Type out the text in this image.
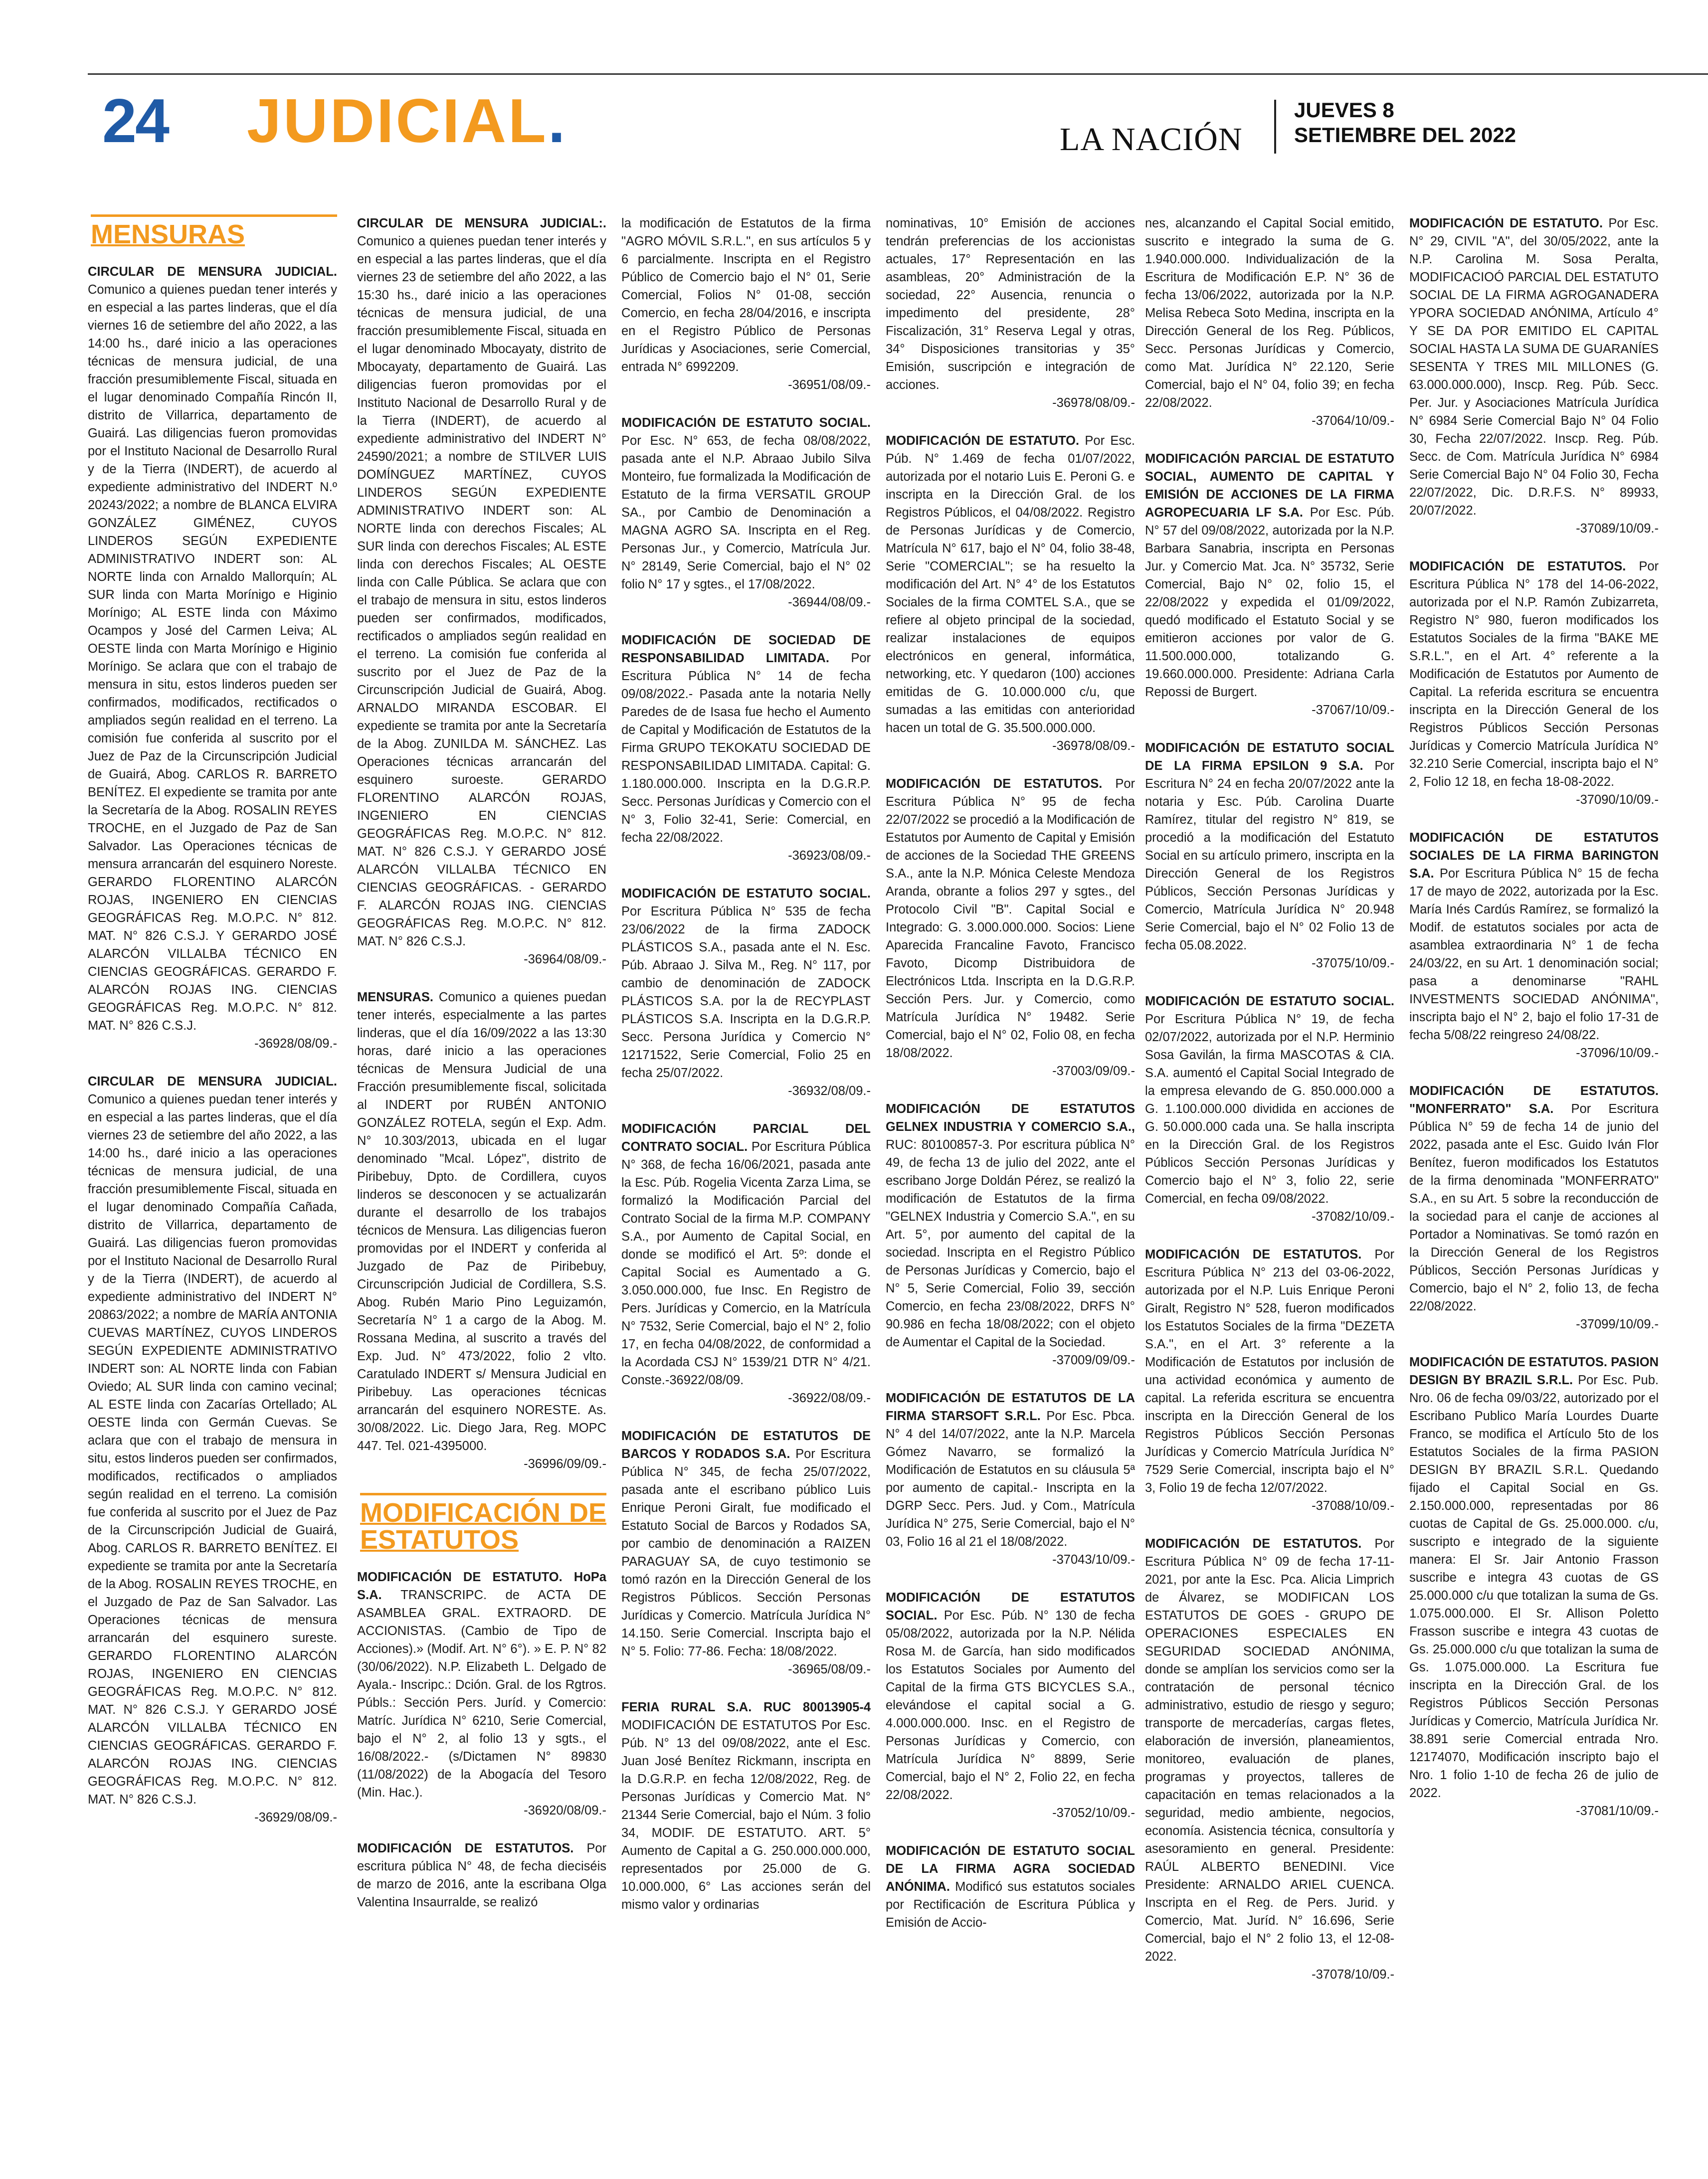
24 JUDICIAL.	LA NACIÓN
JUEVES 8
SETIEMBRE DEL 2022
MENSURAS

CIRCULAR DE MENSURA JUDICIAL. Comunico a quienes puedan tener interés y en especial a las partes linderas, que el día viernes 16 de setiembre del año 2022, a las 14:00 hs., daré inicio a las operaciones técnicas de mensura judicial, de una fracción presumiblemente Fiscal, situada en el lugar denominado Compañía Rincón II, distrito de Villarrica, departamento de Guairá. Las diligencias fueron promovidas por el Instituto Nacional de Desarrollo Rural y de la Tierra (INDERT), de acuerdo al expediente administrativo del INDERT N.º 20243/2022; a nombre de BLANCA ELVIRA GONZÁLEZ GIMÉNEZ, CUYOS LINDEROS SEGÚN EXPEDIENTE ADMINISTRATIVO INDERT son: AL NORTE linda con Arnaldo Mallorquín; AL SUR linda con Marta Morínigo e Higinio Morínigo; AL ESTE linda con Máximo Ocampos y José del Carmen Leiva; AL OESTE linda con Marta Morínigo e Higinio Morínigo. Se aclara que con el trabajo de mensura in situ, estos linderos pueden ser confirmados, modificados, rectificados o ampliados según realidad en el terreno. La comisión fue conferida al suscrito por el Juez de Paz de la Circunscripción Judicial de Guairá, Abog. CARLOS R. BARRETO BENÍTEZ. El expediente se tramita por ante la Secretaría de la Abog. ROSALIN REYES TROCHE, en el Juzgado de Paz de San Salvador. Las Operaciones técnicas de mensura arrancarán del esquinero Noreste. GERARDO FLORENTINO ALARCÓN ROJAS, INGENIERO EN CIENCIAS GEOGRÁFICAS Reg. M.O.P.C. N° 812. MAT. N° 826 C.S.J. Y GERARDO JOSÉ ALARCÓN VILLALBA TÉCNICO EN CIENCIAS GEOGRÁFICAS. GERARDO F. ALARCÓN ROJAS ING. CIENCIAS GEOGRÁFICAS Reg. M.O.P.C. N° 812. MAT. N° 826 C.S.J.
-36928/08/09.-

CIRCULAR DE MENSURA JUDICIAL. Comunico a quienes puedan tener interés y en especial a las partes linderas, que el día viernes 23 de setiembre del año 2022, a las 14:00 hs., daré inicio a las operaciones técnicas de mensura judicial, de una fracción presumiblemente Fiscal, situada en el lugar denominado Compañía Cañada, distrito de Villarrica, departamento de Guairá. Las diligencias fueron promovidas por el Instituto Nacional de Desarrollo Rural y de la Tierra (INDERT), de acuerdo al expediente administrativo del INDERT N° 20863/2022; a nombre de MARÍA ANTONIA CUEVAS MARTÍNEZ, CUYOS LINDEROS SEGÚN EXPEDIENTE ADMINISTRATIVO INDERT son: AL NORTE linda con Fabian Oviedo; AL SUR linda con camino vecinal; AL ESTE linda con Zacarías Ortellado; AL OESTE linda con Germán Cuevas. Se aclara que con el trabajo de mensura in situ, estos linderos pueden ser confirmados, modificados, rectificados o ampliados según realidad en el terreno. La comisión fue conferida al suscrito por el Juez de Paz de la Circunscripción Judicial de Guairá, Abog. CARLOS R. BARRETO BENÍTEZ. El expediente se tramita por ante la Secretaría de la Abog. ROSALIN REYES TROCHE, en el Juzgado de Paz de San Salvador. Las Operaciones técnicas de mensura arrancarán del esquinero sureste. GERARDO FLORENTINO ALARCÓN ROJAS, INGENIERO EN CIENCIAS GEOGRÁFICAS Reg. M.O.P.C. N° 812. MAT. N° 826 C.S.J. Y GERARDO JOSÉ ALARCÓN VILLALBA TÉCNICO EN CIENCIAS GEOGRÁFICAS. GERARDO F. ALARCÓN ROJAS ING. CIENCIAS GEOGRÁFICAS Reg. M.O.P.C. N° 812. MAT. N° 826 C.S.J.
-36929/08/09.-

CIRCULAR DE MENSURA JUDICIAL:. Comunico a quienes puedan tener interés y en especial a las partes linderas, que el día viernes 23 de setiembre del año 2022, a las 15:30 hs., daré inicio a las operaciones técnicas de mensura judicial, de una fracción presumiblemente Fiscal, situada en el lugar denominado Mbocayaty, distrito de Mbocayaty, departamento de Guairá. Las diligencias fueron promovidas por el Instituto Nacional de Desarrollo Rural y de la Tierra (INDERT), de acuerdo al expediente administrativo del INDERT N° 24590/2021; a nombre de STILVER LUIS DOMÍNGUEZ MARTÍNEZ, CUYOS LINDEROS SEGÚN EXPEDIENTE ADMINISTRATIVO INDERT son: AL NORTE linda con derechos Fiscales; AL SUR linda con derechos Fiscales; AL ESTE linda con derechos Fiscales; AL OESTE linda con Calle Pública. Se aclara que con el trabajo de mensura in situ, estos linderos pueden ser confirmados, modificados, rectificados o ampliados según realidad en el terreno. La comisión fue conferida al suscrito por el Juez de Paz de la Circunscripción Judicial de Guairá, Abog. ARNALDO MIRANDA ESCOBAR. El expediente se tramita por ante la Secretaría de la Abog. ZUNILDA M. SÁNCHEZ. Las Operaciones técnicas arrancarán del esquinero suroeste. GERARDO FLORENTINO ALARCÓN ROJAS, INGENIERO EN CIENCIAS GEOGRÁFICAS Reg. M.O.P.C. N° 812. MAT. N° 826 C.S.J. Y GERARDO JOSÉ ALARCÓN VILLALBA TÉCNICO EN CIENCIAS GEOGRÁFICAS. - GERARDO F. ALARCÓN ROJAS ING. CIENCIAS GEOGRÁFICAS Reg. M.O.P.C. N° 812. MAT. N° 826 C.S.J.
-36964/08/09.-

MENSURAS. Comunico a quienes puedan tener interés, especialmente a las partes linderas, que el día 16/09/2022 a las 13:30 horas, daré inicio a las operaciones técnicas de Mensura Judicial de una Fracción presumiblemente fiscal, solicitada al INDERT por RUBÉN ANTONIO GONZÁLEZ ROTELA, según el Exp. Adm. N° 10.303/2013, ubicada en el lugar denominado "Mcal. López", distrito de Piribebuy, Dpto. de Cordillera, cuyos linderos se desconocen y se actualizarán durante el desarrollo de los trabajos técnicos de Mensura. Las diligencias fueron promovidas por el INDERT y conferida al Juzgado de Paz de Piribebuy, Circunscripción Judicial de Cordillera, S.S. Abog. Rubén Mario Pino Leguizamón, Secretaría N° 1 a cargo de la Abog. M. Rossana Medina, al suscrito a través del Exp. Jud. N° 473/2022, folio 2 vlto. Caratulado INDERT s/ Mensura Judicial en Piribebuy. Las operaciones técnicas arrancarán del esquinero NORESTE. As. 30/08/2022. Lic. Diego Jara, Reg. MOPC 447. Tel. 021-4395000.
-36996/09/09.-

MODIFICACIÓN DE ESTATUTOS

MODIFICACIÓN DE ESTATUTO. HoPa S.A. TRANSCRIPC. de ACTA DE ASAMBLEA GRAL. EXTRAORD. DE ACCIONISTAS. (Cambio de Tipo de Acciones).» (Modif. Art. N° 6°). » E. P. N° 82 (30/06/2022). N.P. Elizabeth L. Delgado de Ayala.- Inscripc.: Dción. Gral. de los Rgtros. Públs.: Sección Pers. Juríd. y Comercio: Matríc. Jurídica N° 6210, Serie Comercial, bajo el N° 2, al folio 13 y sgts., el 16/08/2022.- (s/Dictamen N° 89830 (11/08/2022) de la Abogacía del Tesoro (Min. Hac.).
-36920/08/09.-

MODIFICACIÓN DE ESTATUTOS. Por escritura pública N° 48, de fecha dieciséis de marzo de 2016, ante la escribana Olga Valentina Insaurralde, se realizó

la modificación de Estatutos de la firma "AGRO MÓVIL S.R.L.", en sus artículos 5 y 6 parcialmente. Inscripta en el Registro Público de Comercio bajo el N° 01, Serie Comercial, Folios N° 01-08, sección Comercio, en fecha 28/04/2016, e inscripta en el Registro Público de Personas Jurídicas y Asociaciones, serie Comercial, entrada N° 6992209.
-36951/08/09.-

MODIFICACIÓN DE ESTATUTO SOCIAL. Por Esc. N° 653, de fecha 08/08/2022, pasada ante el N.P. Abraao Jubilo Silva Monteiro, fue formalizada la Modificación de Estatuto de la firma VERSATIL GROUP SA., por Cambio de Denominación a MAGNA AGRO SA. Inscripta en el Reg. Personas Jur., y Comercio, Matrícula Jur. N° 28149, Serie Comercial, bajo el N° 02 folio N° 17 y sgtes., el 17/08/2022.
-36944/08/09.-

MODIFICACIÓN DE SOCIEDAD DE RESPONSABILIDAD LIMITADA. Por Escritura Pública N° 14 de fecha 09/08/2022.- Pasada ante la notaria Nelly Paredes de de Isasa fue hecho el Aumento de Capital y Modificación de Estatutos de la Firma GRUPO TEKOKATU SOCIEDAD DE RESPONSABILIDAD LIMITADA. Capital: G. 1.180.000.000. Inscripta en la D.G.R.P. Secc. Personas Jurídicas y Comercio con el N° 3, Folio 32-41, Serie: Comercial, en fecha 22/08/2022.
-36923/08/09.-

MODIFICACIÓN DE ESTATUTO SOCIAL. Por Escritura Pública N° 535 de fecha 23/06/2022 de la firma ZADOCK PLÁSTICOS S.A., pasada ante el N. Esc. Púb. Abraao J. Silva M., Reg. N° 117, por cambio de denominación de ZADOCK PLÁSTICOS S.A. por la de RECYPLAST PLÁSTICOS S.A. Inscripta en la D.G.R.P. Secc. Persona Jurídica y Comercio N° 12171522, Serie Comercial, Folio 25 en fecha 25/07/2022.
-36932/08/09.-

MODIFICACIÓN PARCIAL DEL CONTRATO SOCIAL. Por Escritura Pública N° 368, de fecha 16/06/2021, pasada ante la Esc. Púb. Rogelia Vicenta Zarza Lima, se formalizó la Modificación Parcial del Contrato Social de la firma M.P. COMPANY S.A., por Aumento de Capital Social, en donde se modificó el Art. 5º: donde el Capital Social es Aumentado a G. 3.050.000.000, fue Insc. En Registro de Pers. Jurídicas y Comercio, en la Matrícula N° 7532, Serie Comercial, bajo el N° 2, folio 17, en fecha 04/08/2022, de conformidad a la Acordada CSJ N° 1539/21 DTR N° 4/21. Conste.-36922/08/09.
-36922/08/09.-

MODIFICACIÓN DE ESTATUTOS DE BARCOS Y RODADOS S.A. Por Escritura Pública N° 345, de fecha 25/07/2022, pasada ante el escribano público Luis Enrique Peroni Giralt, fue modificado el Estatuto Social de Barcos y Rodados SA, por cambio de denominación a RAIZEN PARAGUAY SA, de cuyo testimonio se tomó razón en la Dirección General de los Registros Públicos. Sección Personas Jurídicas y Comercio. Matrícula Jurídica N° 14.150. Serie Comercial. Inscripta bajo el N° 5. Folio: 77-86. Fecha: 18/08/2022.
-36965/08/09.-

FERIA RURAL S.A. RUC 80013905-4 MODIFICACIÓN DE ESTATUTOS Por Esc. Púb. N° 13 del 09/08/2022, ante el Esc. Juan José Benítez Rickmann, inscripta en la D.G.R.P. en fecha 12/08/2022, Reg. de Personas Jurídicas y Comercio Mat. N° 21344 Serie Comercial, bajo el Núm. 3 folio 34, MODIF. DE ESTATUTO. ART. 5° Aumento de Capital a G. 250.000.000.000, representados por 25.000 de G. 10.000.000, 6° Las acciones serán del mismo valor y ordinarias

nominativas, 10° Emisión de acciones tendrán preferencias de los accionistas actuales, 17° Representación en las asambleas, 20° Administración de la sociedad, 22° Ausencia, renuncia o impedimento del presidente, 28° Fiscalización, 31° Reserva Legal y otras, 34° Disposiciones transitorias y 35° Emisión, suscripción e integración de acciones.
-36978/08/09.-

MODIFICACIÓN DE ESTATUTO. Por Esc. Púb. N° 1.469 de fecha 01/07/2022, autorizada por el notario Luis E. Peroni G. e inscripta en la Dirección Gral. de los Registros Públicos, el 04/08/2022. Registro de Personas Jurídicas y de Comercio, Matrícula N° 617, bajo el N° 04, folio 38-48, Serie "COMERCIAL"; se ha resuelto la modificación del Art. N° 4° de los Estatutos Sociales de la firma COMTEL S.A., que se refiere al objeto principal de la sociedad, realizar instalaciones de equipos electrónicos en general, informática, networking, etc. Y quedaron (100) acciones emitidas de G. 10.000.000 c/u, que sumadas a las emitidas con anterioridad hacen un total de G. 35.500.000.000.
-36978/08/09.-

MODIFICACIÓN DE ESTATUTOS. Por Escritura Pública N° 95 de fecha 22/07/2022 se procedió a la Modificación de Estatutos por Aumento de Capital y Emisión de acciones de la Sociedad THE GREENS S.A., ante la N.P. Mónica Celeste Mendoza Aranda, obrante a folios 297 y sgtes., del Protocolo Civil "B". Capital Social e Integrado: G. 3.000.000.000. Socios: Liene Aparecida Francaline Favoto, Francisco Favoto, Dicomp Distribuidora de Electrónicos Ltda. Inscripta en la D.G.R.P. Sección Pers. Jur. y Comercio, como Matrícula Jurídica N° 19482. Serie Comercial, bajo el N° 02, Folio 08, en fecha 18/08/2022.
-37003/09/09.-

MODIFICACIÓN DE ESTATUTOS GELNEX INDUSTRIA Y COMERCIO S.A., RUC: 80100857-3. Por escritura pública N° 49, de fecha 13 de julio del 2022, ante el escribano Jorge Doldán Pérez, se realizó la modificación de Estatutos de la firma "GELNEX Industria y Comercio S.A.", en su Art. 5°, por aumento del capital de la sociedad. Inscripta en el Registro Público de Personas Jurídicas y Comercio, bajo el N° 5, Serie Comercial, Folio 39, sección Comercio, en fecha 23/08/2022, DRFS N° 90.986 en fecha 18/08/2022; con el objeto de Aumentar el Capital de la Sociedad.
-37009/09/09.-

MODIFICACIÓN DE ESTATUTOS DE LA FIRMA STARSOFT S.R.L. Por Esc. Pbca. N° 4 del 14/07/2022, ante la N.P. Marcela Gómez Navarro, se formalizó la Modificación de Estatutos en su cláusula 5ª por aumento de capital.- Inscripta en la DGRP Secc. Pers. Jud. y Com., Matrícula Jurídica N° 275, Serie Comercial, bajo el N° 03, Folio 16 al 21 el 18/08/2022.
-37043/10/09.-

MODIFICACIÓN DE ESTATUTOS SOCIAL. Por Esc. Púb. N° 130 de fecha 05/08/2022, autorizada por la N.P. Nélida Rosa M. de García, han sido modificados los Estatutos Sociales por Aumento del Capital de la firma GTS BICYCLES S.A., elevándose el capital social a G. 4.000.000.000. Insc. en el Registro de Personas Jurídicas y Comercio, con Matrícula Jurídica N° 8899, Serie Comercial, bajo el N° 2, Folio 22, en fecha 22/08/2022.
-37052/10/09.-

MODIFICACIÓN DE ESTATUTO SOCIAL DE LA FIRMA AGRA SOCIEDAD ANÓNIMA. Modificó sus estatutos sociales por Rectificación de Escritura Pública y Emisión de Accio-

nes, alcanzando el Capital Social emitido, suscrito e integrado la suma de G. 1.940.000.000. Individualización de la Escritura de Modificación E.P. N° 36 de fecha 13/06/2022, autorizada por la N.P. Melisa Rebeca Soto Medina, inscripta en la Dirección General de los Reg. Públicos, Secc. Personas Jurídicas y Comercio, como Mat. Jurídica N° 22.120, Serie Comercial, bajo el N° 04, folio 39; en fecha 22/08/2022.
-37064/10/09.-

MODIFICACIÓN PARCIAL DE ESTATUTO SOCIAL, AUMENTO DE CAPITAL Y EMISIÓN DE ACCIONES DE LA FIRMA AGROPECUARIA LF S.A. Por Esc. Púb. N° 57 del 09/08/2022, autorizada por la N.P. Barbara Sanabria, inscripta en Personas Jur. y Comercio Mat. Jca. N° 35732, Serie Comercial, Bajo N° 02, folio 15, el 22/08/2022 y expedida el 01/09/2022, quedó modificado el Estatuto Social y se emitieron acciones por valor de G. 11.500.000.000, totalizando G. 19.660.000.000. Presidente: Adriana Carla Repossi de Burgert.
-37067/10/09.-

MODIFICACIÓN DE ESTATUTO SOCIAL DE LA FIRMA EPSILON 9 S.A. Por Escritura N° 24 en fecha 20/07/2022 ante la notaria y Esc. Púb. Carolina Duarte Ramírez, titular del registro N° 819, se procedió a la modificación del Estatuto Social en su artículo primero, inscripta en la Dirección General de los Registros Públicos, Sección Personas Jurídicas y Comercio, Matrícula Jurídica N° 20.948 Serie Comercial, bajo el N° 02 Folio 13 de fecha 05.08.2022.
-37075/10/09.-

MODIFICACIÓN DE ESTATUTO SOCIAL. Por Escritura Pública N° 19, de fecha 02/07/2022, autorizada por el N.P. Herminio Sosa Gavilán, la firma MASCOTAS & CIA. S.A. aumentó el Capital Social Integrado de la empresa elevando de G. 850.000.000 a G. 1.100.000.000 dividida en acciones de G. 50.000.000 cada una. Se halla inscripta en la Dirección Gral. de los Registros Públicos Sección Personas Jurídicas y Comercio bajo el N° 3, folio 22, serie Comercial, en fecha 09/08/2022.
-37082/10/09.-

MODIFICACIÓN DE ESTATUTOS. Por Escritura Pública N° 213 del 03-06-2022, autorizada por el N.P. Luis Enrique Peroni Giralt, Registro N° 528, fueron modificados los Estatutos Sociales de la firma "DEZETA S.A.", en el Art. 3° referente a la Modificación de Estatutos por inclusión de una actividad económica y aumento de capital. La referida escritura se encuentra inscripta en la Dirección General de los Registros Públicos Sección Personas Jurídicas y Comercio Matrícula Jurídica N° 7529 Serie Comercial, inscripta bajo el N° 3, Folio 19 de fecha 12/07/2022.
-37088/10/09.-

MODIFICACIÓN DE ESTATUTOS. Por Escritura Pública N° 09 de fecha 17-11-2021, por ante la Esc. Pca. Alicia Limprich de Álvarez, se MODIFICAN LOS ESTATUTOS DE GOES - GRUPO DE OPERACIONES ESPECIALES EN SEGURIDAD SOCIEDAD ANÓNIMA, donde se amplían los servicios como ser la contratación de personal técnico administrativo, estudio de riesgo y seguro; transporte de mercaderías, cargas fletes, elaboración de inversión, planeamientos, monitoreo, evaluación de planes, programas y proyectos, talleres de capacitación en temas relacionados a la seguridad, medio ambiente, negocios, economía. Asistencia técnica, consultoría y asesoramiento en general. Presidente: RAÚL ALBERTO BENEDINI. Vice Presidente: ARNALDO ARIEL CUENCA. Inscripta en el Reg. de Pers. Jurid. y Comercio, Mat. Juríd. N° 16.696, Serie Comercial, bajo el N° 2 folio 13, el 12-08-2022.
-37078/10/09.-

MODIFICACIÓN DE ESTATUTO. Por Esc. N° 29, CIVIL "A", del 30/05/2022, ante la N.P. Carolina M. Sosa Peralta, MODIFICACIOÓ PARCIAL DEL ESTATUTO SOCIAL DE LA FIRMA AGROGANADERA YPORA SOCIEDAD ANÓNIMA, Artículo 4° Y SE DA POR EMITIDO EL CAPITAL SOCIAL HASTA LA SUMA DE GUARANÍES SESENTA Y TRES MIL MILLONES (G. 63.000.000.000), Inscp. Reg. Púb. Secc. Per. Jur. y Asociaciones Matrícula Jurídica N° 6984 Serie Comercial Bajo N° 04 Folio 30, Fecha 22/07/2022. Inscp. Reg. Púb. Secc. de Com. Matrícula Jurídica N° 6984 Serie Comercial Bajo N° 04 Folio 30, Fecha 22/07/2022, Dic. D.R.F.S. N° 89933, 20/07/2022.
-37089/10/09.-

MODIFICACIÓN DE ESTATUTOS. Por Escritura Pública N° 178 del 14-06-2022, autorizada por el N.P. Ramón Zubizarreta, Registro N° 980, fueron modificados los Estatutos Sociales de la firma "BAKE ME S.R.L.", en el Art. 4° referente a la Modificación de Estatutos por Aumento de Capital. La referida escritura se encuentra inscripta en la Dirección General de los Registros Públicos Sección Personas Jurídicas y Comercio Matrícula Jurídica N° 32.210 Serie Comercial, inscripta bajo el N° 2, Folio 12 18, en fecha 18-08-2022.
-37090/10/09.-

MODIFICACIÓN DE ESTATUTOS SOCIALES DE LA FIRMA BARINGTON S.A. Por Escritura Pública N° 15 de fecha 17 de mayo de 2022, autorizada por la Esc. María Inés Cardús Ramírez, se formalizó la Modif. de estatutos sociales por acta de asamblea extraordinaria N° 1 de fecha 24/03/22, en su Art. 1 denominación social; pasa a denominarse "RAHL INVESTMENTS SOCIEDAD ANÓNIMA", inscripta bajo el N° 2, bajo el folio 17-31 de fecha 5/08/22 reingreso 24/08/22.
-37096/10/09.-

MODIFICACIÓN DE ESTATUTOS. "MONFERRATO" S.A. Por Escritura Pública N° 59 de fecha 14 de junio del 2022, pasada ante el Esc. Guido Iván Flor Benítez, fueron modificados los Estatutos de la firma denominada "MONFERRATO" S.A., en su Art. 5 sobre la reconducción de la sociedad para el canje de acciones al Portador a Nominativas. Se tomó razón en la Dirección General de los Registros Públicos, Sección Personas Jurídicas y Comercio, bajo el N° 2, folio 13, de fecha 22/08/2022.
-37099/10/09.-

MODIFICACIÓN DE ESTATUTOS. PASION DESIGN BY BRAZIL S.R.L. Por Esc. Pub. Nro. 06 de fecha 09/03/22, autorizado por el Escribano Publico María Lourdes Duarte Franco, se modifica el Artículo 5to de los Estatutos Sociales de la firma PASION DESIGN BY BRAZIL S.R.L. Quedando fijado el Capital Social en Gs. 2.150.000.000, representadas por 86 cuotas de Capital de Gs. 25.000.000. c/u, suscripto e integrado de la siguiente manera: El Sr. Jair Antonio Frasson suscribe e integra 43 cuotas de GS 25.000.000 c/u que totalizan la suma de Gs. 1.075.000.000. El Sr. Allison Poletto Frasson suscribe e integra 43 cuotas de Gs. 25.000.000 c/u que totalizan la suma de Gs. 1.075.000.000. La Escritura fue inscripta en la Dirección Gral. de los Registros Públicos Sección Personas Jurídicas y Comercio, Matrícula Jurídica Nr. 38.891 serie Comercial entrada Nro. 12174070, Modificación inscripto bajo el Nro. 1 folio 1-10 de fecha 26 de julio de 2022.
-37081/10/09.-
